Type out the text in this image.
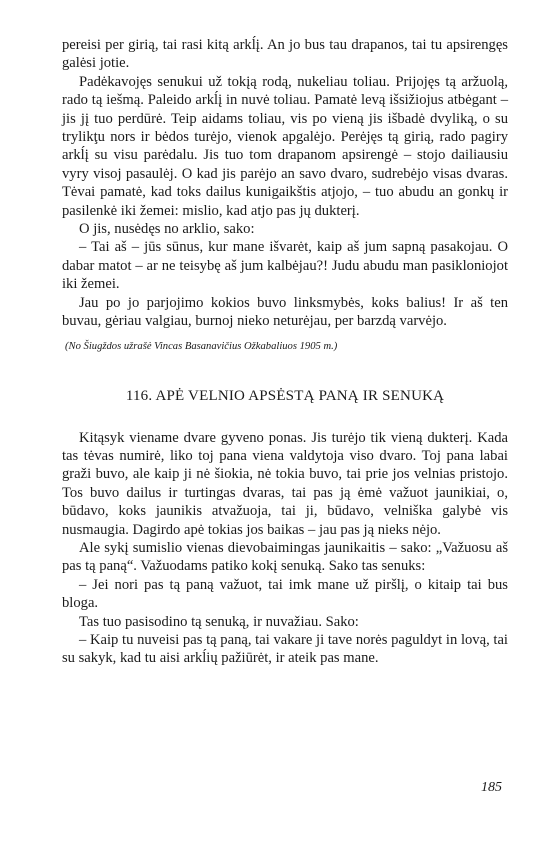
pereisi per girią, tai rasi kitą arkĺį. An jo bus tau drapanos, tai tu apsirengęs galėsi jotie.

Padėkavojęs senukui už tokįą rodą, nukeliau toliau. Prijojęs tą aržuolą, rado tą iešmą. Paleido arkĺį in nuvė toliau. Pamatė levą išsižiojus atbėgant – jis jį tuo perdūrė. Teip aidams toliau, vis po vieną jis išbadė dvyliką, o su trylikţu nors ir bėdos turėjo, vienok apgalėjo. Perėjęs tą girią, rado pagiry arkĺį su visu parėdalu. Jis tuo tom drapanom apsirengė – stojo dailiausiu vyry visoj pasaulėj. O kad jis parėjo an savo dvaro, sudrebėjo visas dvaras. Tėvai pamatė, kad toks dailus kunigaikštis atjojo, – tuo abudu an gonkų ir pasilenkė iki žemei: mislio, kad atjo pas jų dukterį.

O jis, nusėdęs no arklio, sako:

– Tai aš – jūs sūnus, kur mane išvarėt, kaip aš jum sapną pasakojau. O dabar matot – ar ne teisybę aš jum kalbėjau?! Judu abudu man pasikloniojot iki žemei.

Jau po jo parjojimo kokios buvo linksmybės, koks balius! Ir aš ten buvau, gėriau valgiau, burnoj nieko neturėjau, per barzdą varvėjo.

(No Šiugždos užrašė Vincas Basanavičius Ožkabaliuos 1905 m.)

116. APĖ VELNIO APSĖSTĄ PANĄ IR SENUKĄ

Kitąsyk viename dvare gyveno ponas. Jis turėjo tik vieną dukterį. Kada tas tėvas numirė, liko toj pana viena valdytoja viso dvaro. Toj pana labai graži buvo, ale kaip ji nė šiokia, nė tokia buvo, tai prie jos velnias pristojo. Tos buvo dailus ir turtingas dvaras, tai pas ją ėmė važuot jaunikiai, o, būdavo, koks jaunikis atvažuoja, tai ji, būdavo, velniška galybė vis nusmaugia. Dagirdo apė tokias jos baikas – jau pas ją nieks nėjo.

Ale sykį sumislio vienas dievobaimingas jaunikaitis – sako: „Važuosu aš pas tą paną“. Važuodams patiko kokį senuką. Sako tas senuks:

– Jei nori pas tą paną važuot, tai imk mane už piršlį, o kitaip tai bus bloga.

Tas tuo pasisodino tą senuką, ir nuvažiau. Sako:

– Kaip tu nuveisi pas tą paną, tai vakare ji tave norės paguldyt in lovą, tai su sakyk, kad tu aisi arkĺių pažiūrėt, ir ateik pas mane.

185
